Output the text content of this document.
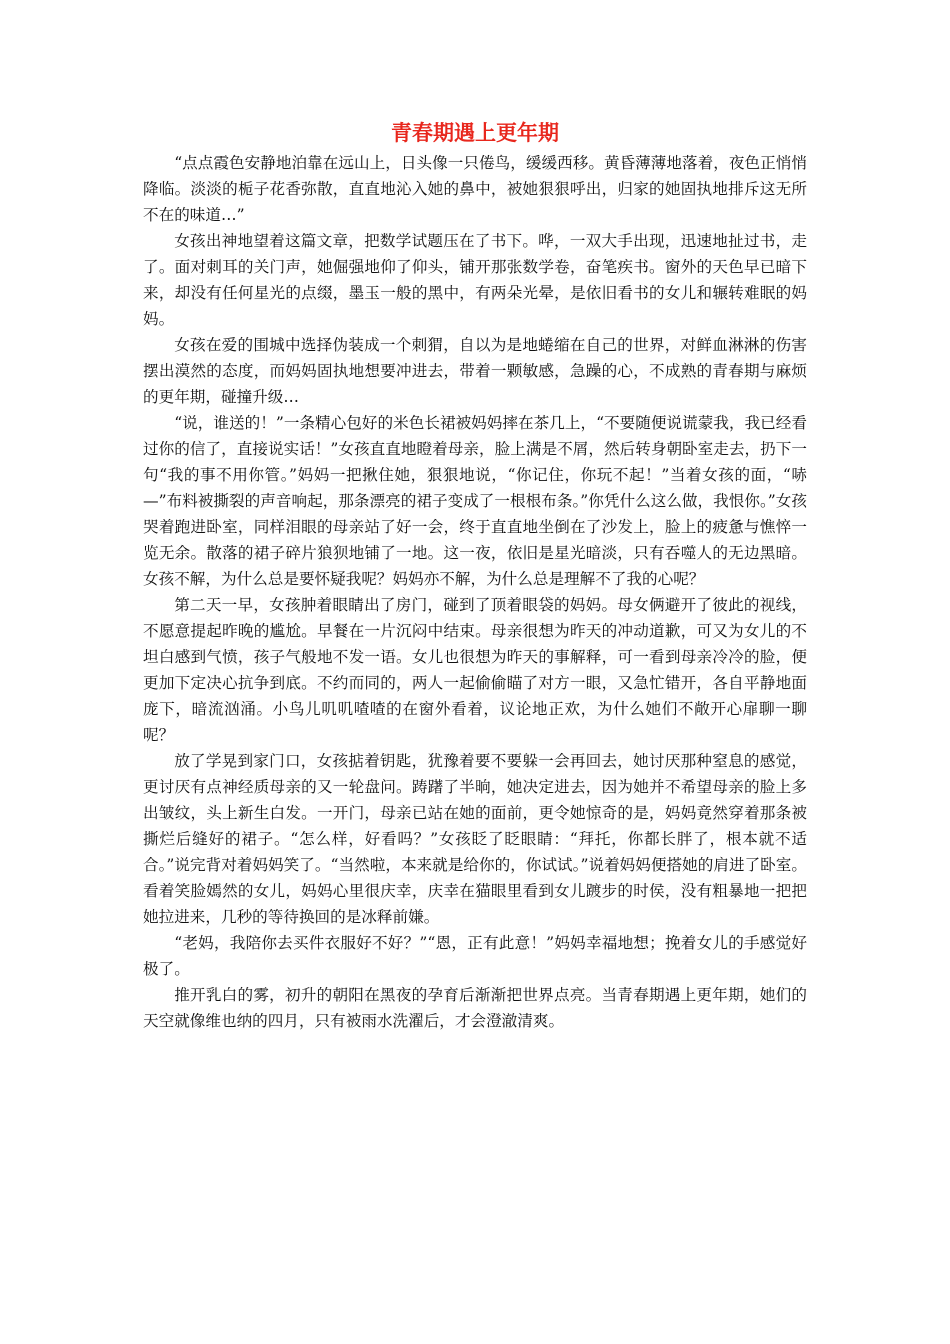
青春期遇上更年期

“点点霞色安静地泊靠在远山上，日头像一只倦鸟，缓缓西移。黄昏薄薄地落着，夜色正悄悄降临。淡淡的栀子花香弥散，直直地沁入她的鼻中，被她狠狠呼出，归家的她固执地排斥这无所不在的味道…”

女孩出神地望着这篇文章，把数学试题压在了书下。哗，一双大手出现，迅速地扯过书，走了。面对刺耳的关门声，她倔强地仰了仰头，铺开那张数学卷，奋笔疾书。窗外的天色早已暗下来，却没有任何星光的点缀，墨玉一般的黑中，有两朵光晕，是依旧看书的女儿和辗转难眠的妈妈。

女孩在爱的围城中选择伪装成一个刺猬，自以为是地蜷缩在自己的世界，对鲜血淋淋的伤害摆出漠然的态度，而妈妈固执地想要冲进去，带着一颗敏感，急躁的心，不成熟的青春期与麻烦的更年期，碰撞升级…

“说，谁送的！”一条精心包好的米色长裙被妈妈摔在茶几上，“不要随便说谎蒙我，我已经看过你的信了，直接说实话！”女孩直直地瞪着母亲，脸上满是不屑，然后转身朝卧室走去，扔下一句“我的事不用你管。”妈妈一把揪住她，狠狠地说，“你记住，你玩不起！”当着女孩的面，“哧—”布料被撕裂的声音响起，那条漂亮的裙子变成了一根根布条。”你凭什么这么做，我恨你。”女孩哭着跑进卧室，同样泪眼的母亲站了好一会，终于直直地坐倒在了沙发上，脸上的疲惫与憔悴一览无余。散落的裙子碎片狼狈地铺了一地。这一夜，依旧是星光暗淡，只有吞噬人的无边黑暗。女孩不解，为什么总是要怀疑我呢？妈妈亦不解，为什么总是理解不了我的心呢？

第二天一早，女孩肿着眼睛出了房门，碰到了顶着眼袋的妈妈。母女俩避开了彼此的视线，不愿意提起昨晚的尴尬。早餐在一片沉闷中结束。母亲很想为昨天的冲动道歉，可又为女儿的不坦白感到气愤，孩子气般地不发一语。女儿也很想为昨天的事解释，可一看到母亲冷冷的脸，便更加下定决心抗争到底。不约而同的，两人一起偷偷瞄了对方一眼，又急忙错开，各自平静地面庞下，暗流汹涌。小鸟儿叽叽喳喳的在窗外看着，议论地正欢，为什么她们不敞开心扉聊一聊呢？

放了学晃到家门口，女孩掂着钥匙，犹豫着要不要躲一会再回去，她讨厌那种窒息的感觉，更讨厌有点神经质母亲的又一轮盘问。踌躇了半晌，她决定进去，因为她并不希望母亲的脸上多出皱纹，头上新生白发。一开门，母亲已站在她的面前，更令她惊奇的是，妈妈竟然穿着那条被撕烂后缝好的裙子。“怎么样，好看吗？”女孩眨了眨眼睛：“拜托，你都长胖了，根本就不适合。”说完背对着妈妈笑了。“当然啦，本来就是给你的，你试试。”说着妈妈便搭她的肩进了卧室。看着笑脸嫣然的女儿，妈妈心里很庆幸，庆幸在猫眼里看到女儿踱步的时侯，没有粗暴地一把把她拉进来，几秒的等待换回的是冰释前嫌。

“老妈，我陪你去买件衣服好不好？”“恩，正有此意！”妈妈幸福地想；挽着女儿的手感觉好极了。

推开乳白的雾，初升的朝阳在黑夜的孕育后渐渐把世界点亮。当青春期遇上更年期，她们的天空就像维也纳的四月，只有被雨水洗濯后，才会澄澈清爽。
